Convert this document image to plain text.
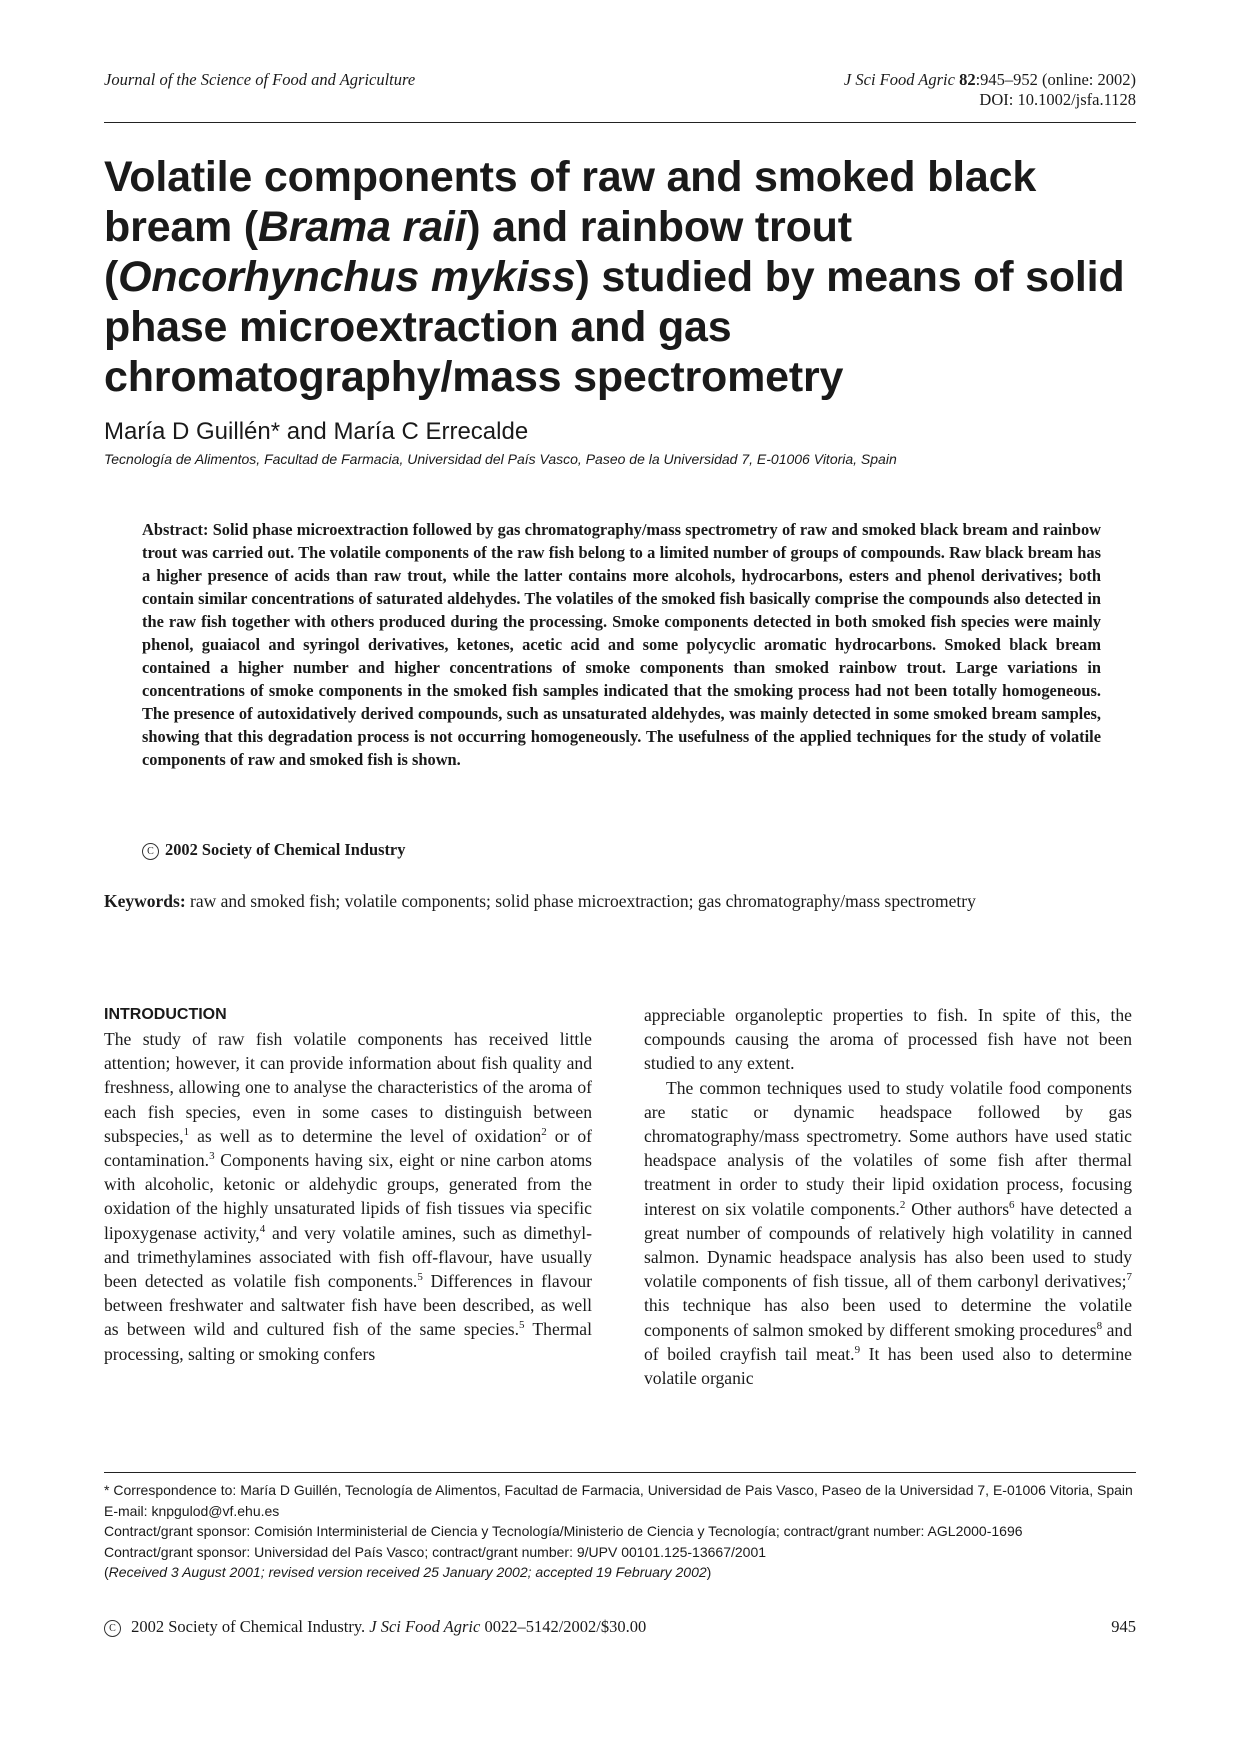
Journal of the Science of Food and Agriculture	J Sci Food Agric 82:945–952 (online: 2002)
DOI: 10.1002/jsfa.1128
Volatile components of raw and smoked black bream (Brama raii) and rainbow trout (Oncorhynchus mykiss) studied by means of solid phase microextraction and gas chromatography/mass spectrometry
María D Guillén* and María C Errecalde
Tecnología de Alimentos, Facultad de Farmacia, Universidad del País Vasco, Paseo de la Universidad 7, E-01006 Vitoria, Spain

Abstract: Solid phase microextraction followed by gas chromatography/mass spectrometry of raw and smoked black bream and rainbow trout was carried out. The volatile components of the raw fish belong to a limited number of groups of compounds. Raw black bream has a higher presence of acids than raw trout, while the latter contains more alcohols, hydrocarbons, esters and phenol derivatives; both contain similar concentrations of saturated aldehydes. The volatiles of the smoked fish basically comprise the compounds also detected in the raw fish together with others produced during the processing. Smoke components detected in both smoked fish species were mainly phenol, guaiacol and syringol derivatives, ketones, acetic acid and some polycyclic aromatic hydrocarbons. Smoked black bream contained a higher number and higher concentrations of smoke components than smoked rainbow trout. Large variations in concentrations of smoke components in the smoked fish samples indicated that the smoking process had not been totally homogeneous. The presence of autoxidatively derived compounds, such as unsaturated aldehydes, was mainly detected in some smoked bream samples, showing that this degradation process is not occurring homogeneously. The usefulness of the applied techniques for the study of volatile components of raw and smoked fish is shown.

C 2002 Society of Chemical Industry

Keywords: raw and smoked fish; volatile components; solid phase microextraction; gas chromatography/mass spectrometry

INTRODUCTION

The study of raw fish volatile components has received little attention; however, it can provide information about fish quality and freshness, allowing one to analyse the characteristics of the aroma of each fish species, even in some cases to distinguish between subspecies,$^1$ as well as to determine the level of oxidation$^2$ or of contamination.$^3$ Components having six, eight or nine carbon atoms with alcoholic, ketonic or aldehydic groups, generated from the oxidation of the highly unsaturated lipids of fish tissues via specific lipoxygenase activity,$^4$ and very volatile amines, such as dimethyl- and trimethylamines associated with fish off-flavour, have usually been detected as volatile fish components.$^5$ Differences in flavour between freshwater and saltwater fish have been described, as well as between wild and cultured fish of the same species.$^5$ Thermal processing, salting or smoking confers

appreciable organoleptic properties to fish. In spite of this, the compounds causing the aroma of processed fish have not been studied to any extent.

The common techniques used to study volatile food components are static or dynamic headspace followed by gas chromatography/mass spectrometry. Some authors have used static headspace analysis of the volatiles of some fish after thermal treatment in order to study their lipid oxidation process, focusing interest on six volatile components.$^2$ Other authors$^6$ have detected a great number of compounds of relatively high volatility in canned salmon. Dynamic headspace analysis has also been used to study volatile components of fish tissue, all of them carbonyl derivatives;$^7$ this technique has also been used to determine the volatile components of salmon smoked by different smoking procedures$^8$ and of boiled crayfish tail meat.$^9$ It has been used also to determine volatile organic

* Correspondence to: María D Guillén, Tecnología de Alimentos, Facultad de Farmacia, Universidad de Pais Vasco, Paseo de la Universidad 7, E-01006 Vitoria, Spain

E-mail: knpgulod@vf.ehu.es

Contract/grant sponsor: Comisión Interministerial de Ciencia y Tecnología/Ministerio de Ciencia y Tecnología; contract/grant number: AGL2000-1696

Contract/grant sponsor: Universidad del País Vasco; contract/grant number: 9/UPV 00101.125-13667/2001

(Received 3 August 2001; revised version received 25 January 2002; accepted 19 February 2002)

C 2002 Society of Chemical Industry. J Sci Food Agric 0022–5142/2002/$30.00	945
